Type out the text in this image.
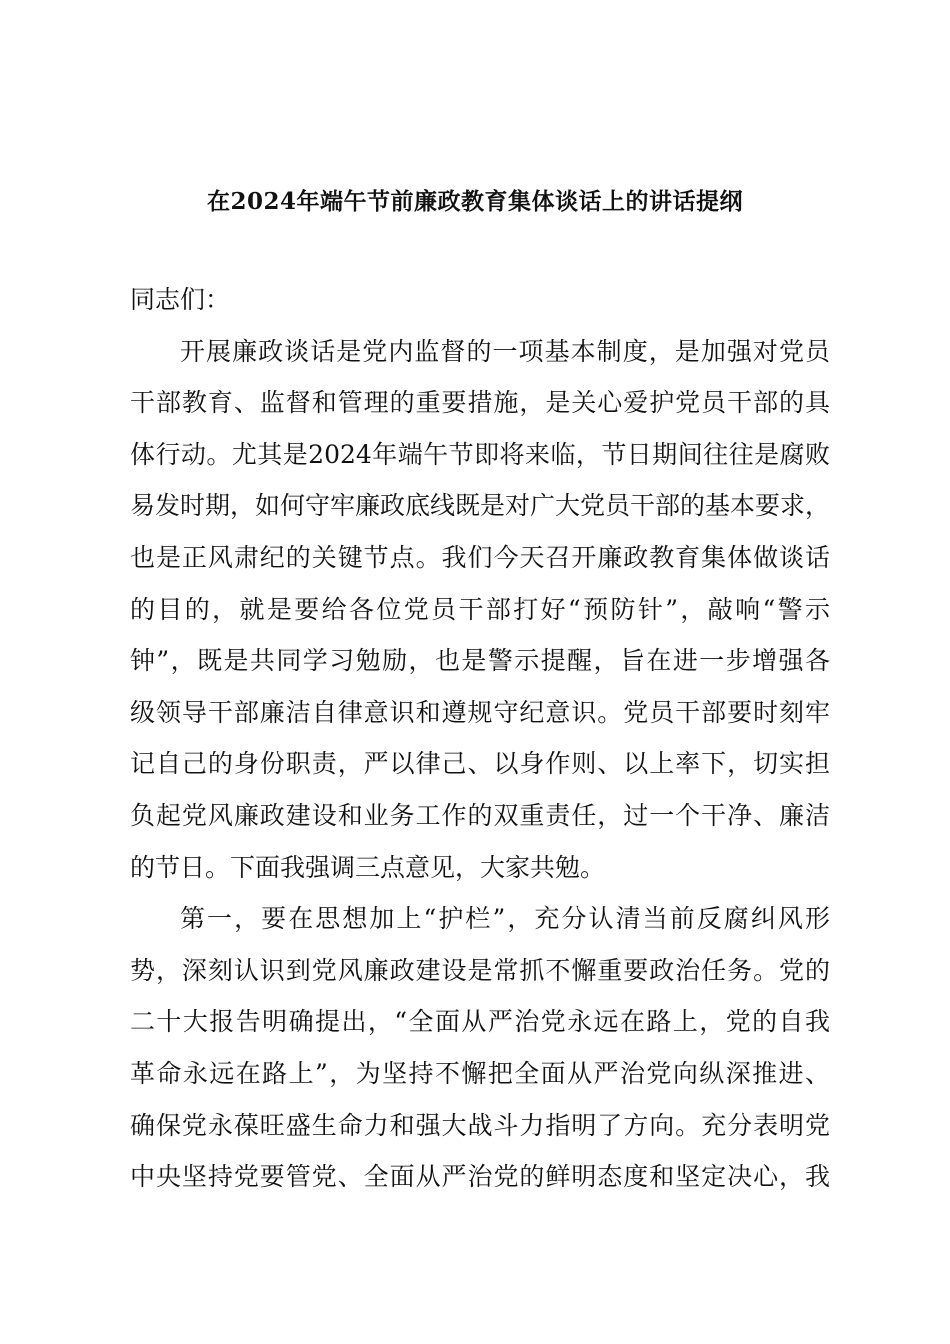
在2024年端午节前廉政教育集体谈话上的讲话提纲
同志们：
开展廉政谈话是党内监督的一项基本制度，是加强对党员
干部教育、监督和管理的重要措施，是关心爱护党员干部的具
体行动。尤其是2024年端午节即将来临，节日期间往往是腐败
易发时期，如何守牢廉政底线既是对广大党员干部的基本要求，
也是正风肃纪的关键节点。我们今天召开廉政教育集体做谈话
的目的，就是要给各位党员干部打好“预防针”，敲响“警示
钟”，既是共同学习勉励，也是警示提醒，旨在进一步增强各
级领导干部廉洁自律意识和遵规守纪意识。党员干部要时刻牢
记自己的身份职责，严以律己、以身作则、以上率下，切实担
负起党风廉政建设和业务工作的双重责任，过一个干净、廉洁
的节日。下面我强调三点意见，大家共勉。
第一，要在思想加上“护栏”，充分认清当前反腐纠风形
势，深刻认识到党风廉政建设是常抓不懈重要政治任务。党的
二十大报告明确提出，“全面从严治党永远在路上，党的自我
革命永远在路上”，为坚持不懈把全面从严治党向纵深推进、
确保党永葆旺盛生命力和强大战斗力指明了方向。充分表明党
中央坚持党要管党、全面从严治党的鲜明态度和坚定决心，我
